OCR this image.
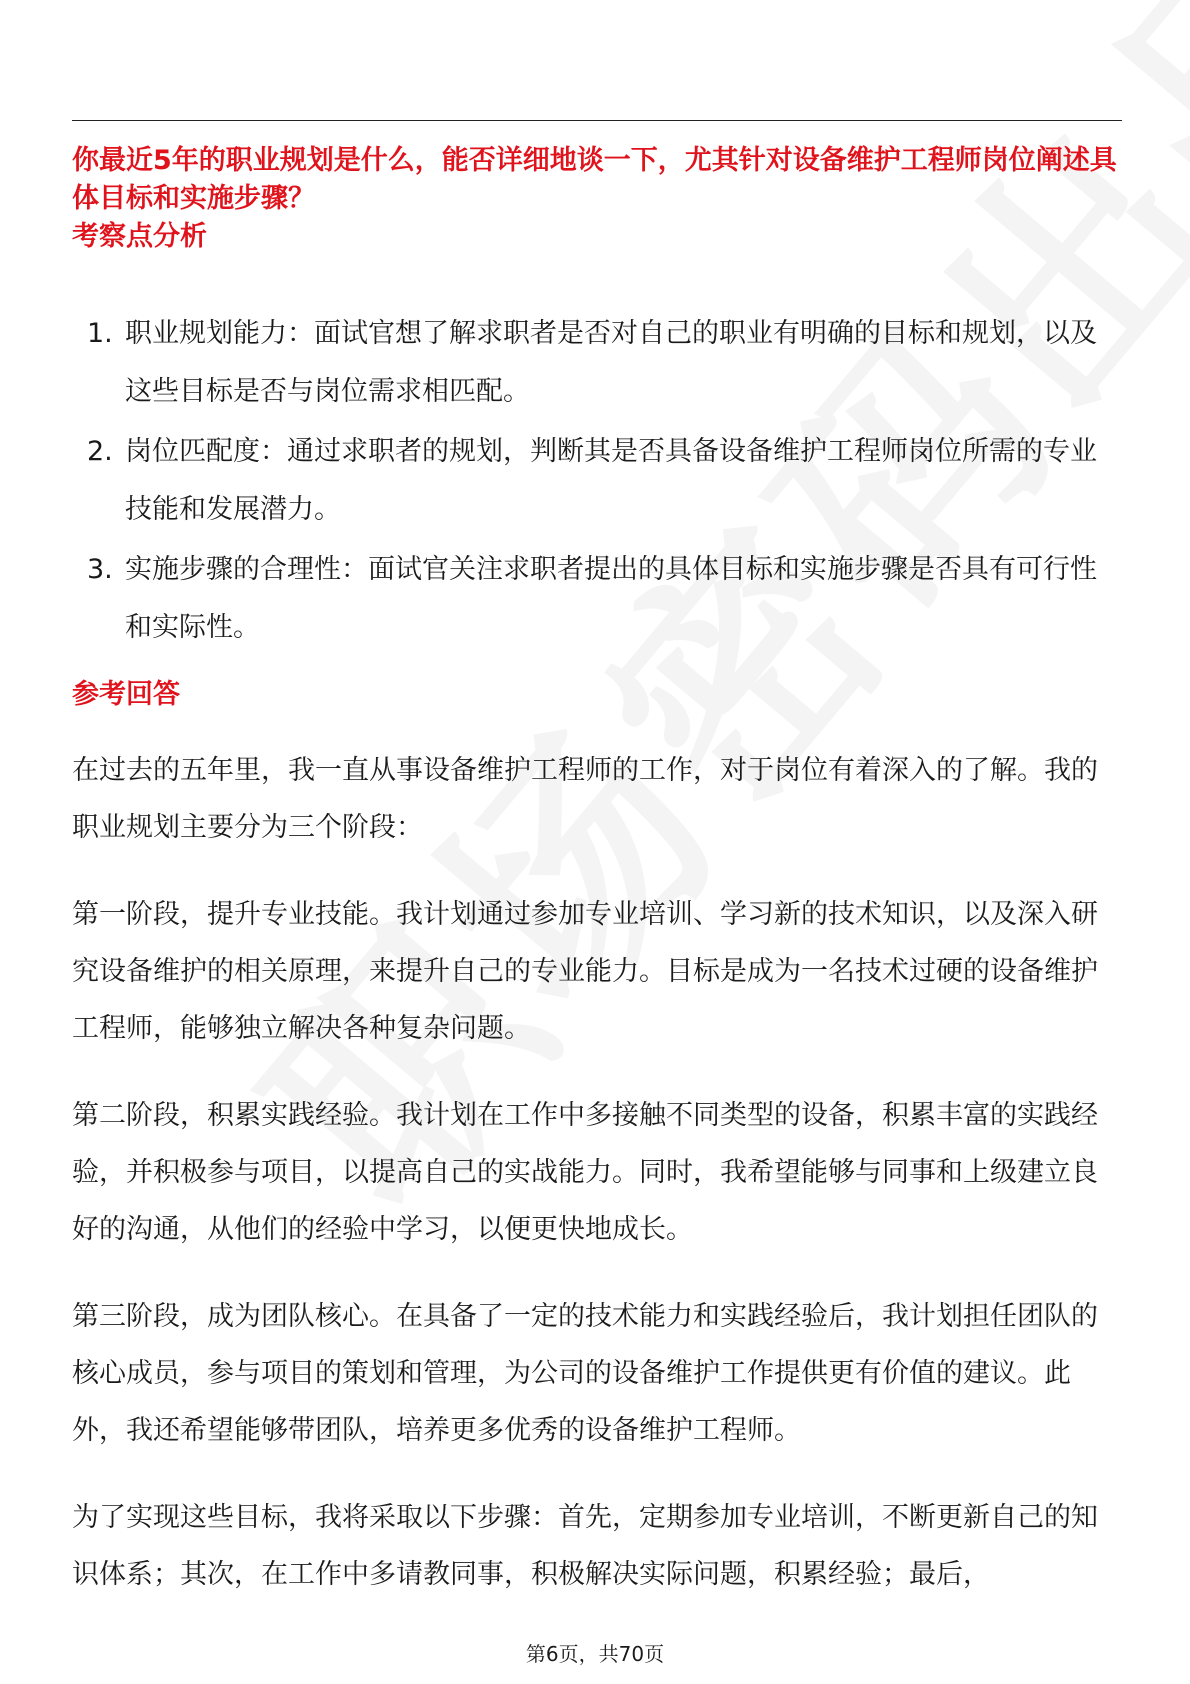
你最近5年的职业规划是什么，能否详细地谈一下，尤其针对设备维护工程师岗位阐述具体目标和实施步骤？
考察点分析
1. 职业规划能力：面试官想了解求职者是否对自己的职业有明确的目标和规划，以及这些目标是否与岗位需求相匹配。
2. 岗位匹配度：通过求职者的规划，判断其是否具备设备维护工程师岗位所需的专业技能和发展潜力。
3. 实施步骤的合理性：面试官关注求职者提出的具体目标和实施步骤是否具有可行性和实际性。
参考回答

在过去的五年里，我一直从事设备维护工程师的工作，对于岗位有着深入的了解。我的职业规划主要分为三个阶段：

第一阶段，提升专业技能。我计划通过参加专业培训、学习新的技术知识，以及深入研究设备维护的相关原理，来提升自己的专业能力。目标是成为一名技术过硬的设备维护工程师，能够独立解决各种复杂问题。

第二阶段，积累实践经验。我计划在工作中多接触不同类型的设备，积累丰富的实践经验，并积极参与项目，以提高自己的实战能力。同时，我希望能够与同事和上级建立良好的沟通，从他们的经验中学习，以便更快地成长。

第三阶段，成为团队核心。在具备了一定的技术能力和实践经验后，我计划担任团队的核心成员，参与项目的策划和管理，为公司的设备维护工作提供更有价值的建议。此外，我还希望能够带团队，培养更多优秀的设备维护工程师。

为了实现这些目标，我将采取以下步骤：首先，定期参加专业培训，不断更新自己的知识体系；其次，在工作中多请教同事，积极解决实际问题，积累经验；最后，

第6页，共70页
